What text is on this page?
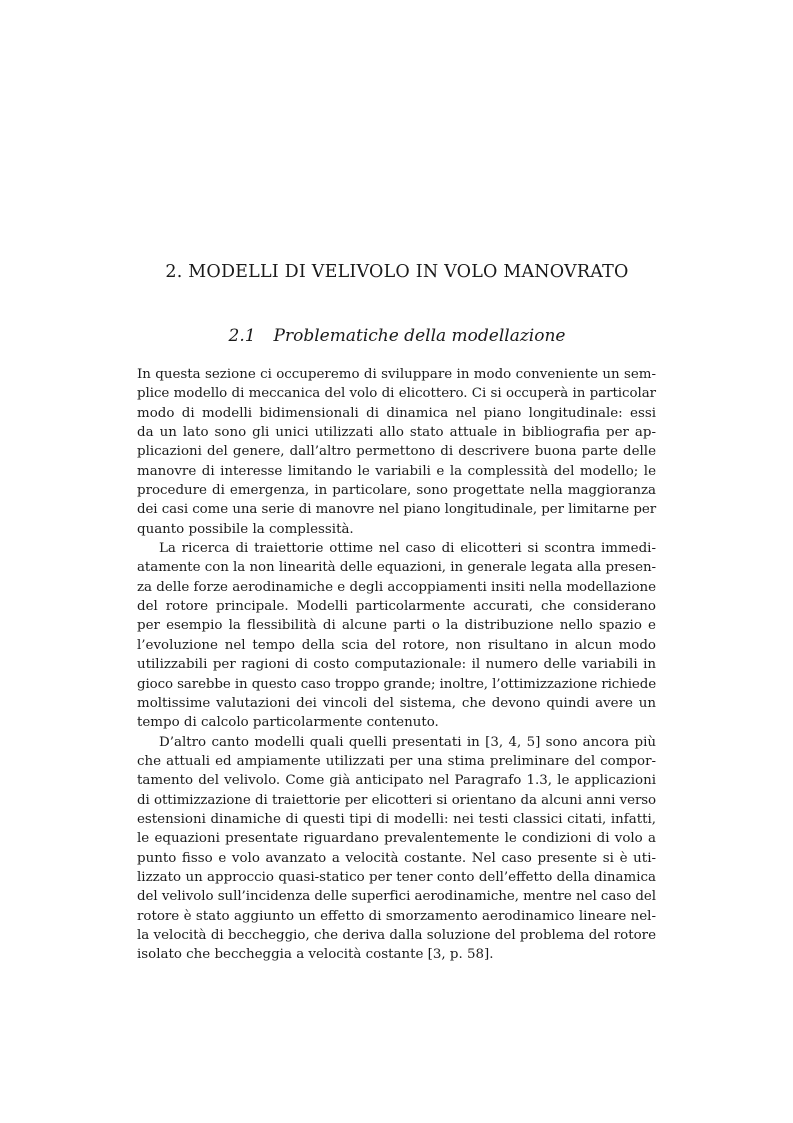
2. MODELLI DI VELIVOLO IN VOLO MANOVRATO
2.1 Problematiche della modellazione
In questa sezione ci occuperemo di sviluppare in modo conveniente un sem-
plice modello di meccanica del volo di elicottero. Ci si occuperà in particolar
modo di modelli bidimensionali di dinamica nel piano longitudinale: essi
da un lato sono gli unici utilizzati allo stato attuale in bibliografia per ap-
plicazioni del genere, dall’altro permettono di descrivere buona parte delle
manovre di interesse limitando le variabili e la complessità del modello; le
procedure di emergenza, in particolare, sono progettate nella maggioranza
dei casi come una serie di manovre nel piano longitudinale, per limitarne per
quanto possibile la complessità.
La ricerca di traiettorie ottime nel caso di elicotteri si scontra immedi-
atamente con la non linearità delle equazioni, in generale legata alla presen-
za delle forze aerodinamiche e degli accoppiamenti insiti nella modellazione
del rotore principale. Modelli particolarmente accurati, che considerano
per esempio la flessibilità di alcune parti o la distribuzione nello spazio e
l’evoluzione nel tempo della scia del rotore, non risultano in alcun modo
utilizzabili per ragioni di costo computazionale: il numero delle variabili in
gioco sarebbe in questo caso troppo grande; inoltre, l’ottimizzazione richiede
moltissime valutazioni dei vincoli del sistema, che devono quindi avere un
tempo di calcolo particolarmente contenuto.
D’altro canto modelli quali quelli presentati in [3, 4, 5] sono ancora più
che attuali ed ampiamente utilizzati per una stima preliminare del compor-
tamento del velivolo. Come già anticipato nel Paragrafo 1.3, le applicazioni
di ottimizzazione di traiettorie per elicotteri si orientano da alcuni anni verso
estensioni dinamiche di questi tipi di modelli: nei testi classici citati, infatti,
le equazioni presentate riguardano prevalentemente le condizioni di volo a
punto fisso e volo avanzato a velocità costante. Nel caso presente si è uti-
lizzato un approccio quasi-statico per tener conto dell’effetto della dinamica
del velivolo sull’incidenza delle superfici aerodinamiche, mentre nel caso del
rotore è stato aggiunto un effetto di smorzamento aerodinamico lineare nel-
la velocità di beccheggio, che deriva dalla soluzione del problema del rotore
isolato che beccheggia a velocità costante [3, p. 58].
